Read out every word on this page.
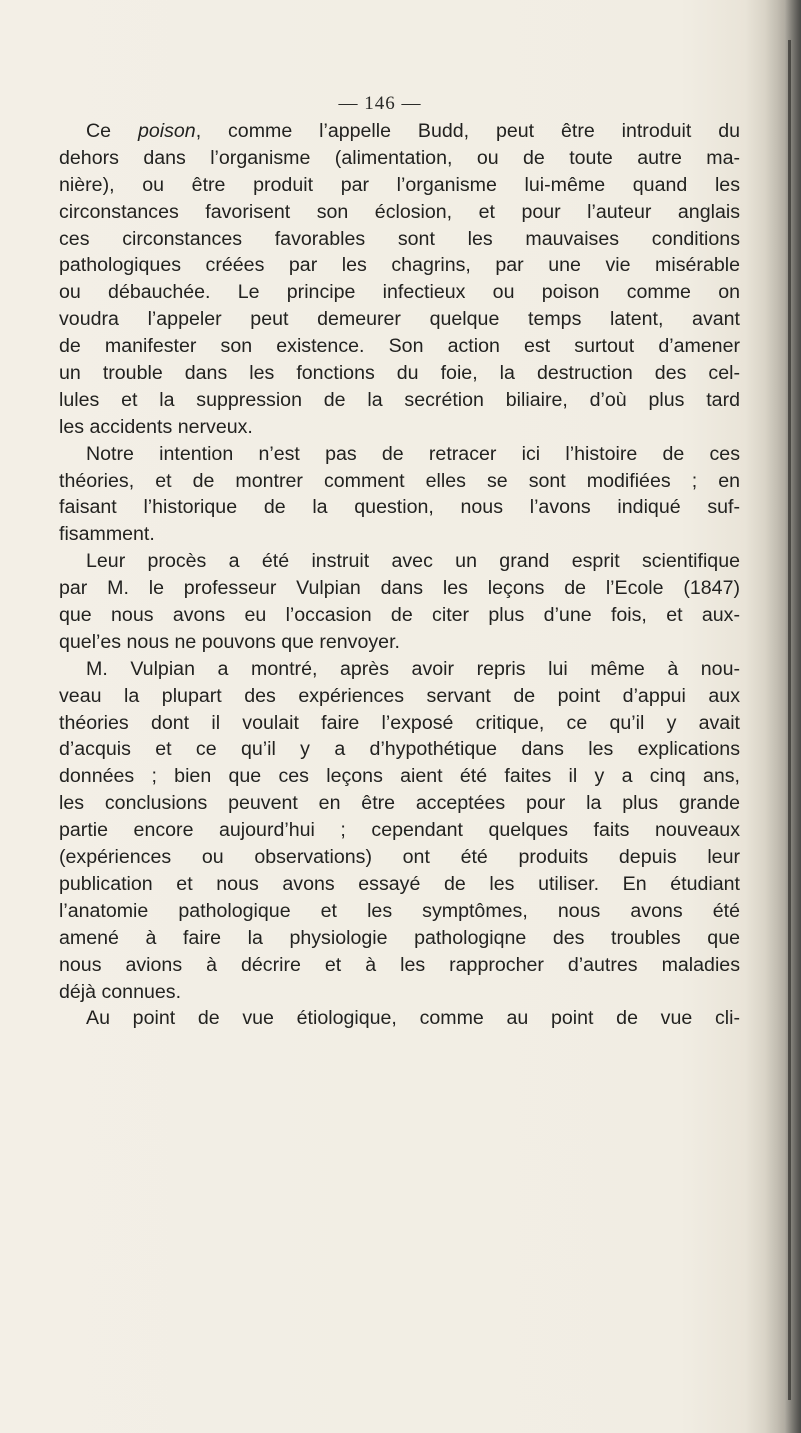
— 146 —
Ce poison, comme l’appelle Budd, peut être introduit du
dehors dans l’organisme (alimentation, ou de toute autre ma-
nière), ou être produit par l’organisme lui-même quand les
circonstances favorisent son éclosion, et pour l’auteur anglais
ces circonstances favorables sont les mauvaises conditions
pathologiques créées par les chagrins, par une vie misérable
ou débauchée. Le principe infectieux ou poison comme on
voudra l’appeler peut demeurer quelque temps latent, avant
de manifester son existence. Son action est surtout d’amener
un trouble dans les fonctions du foie, la destruction des cel-
lules et la suppression de la secrétion biliaire, d’où plus tard
les accidents nerveux.
Notre intention n’est pas de retracer ici l’histoire de ces
théories, et de montrer comment elles se sont modifiées ; en
faisant l’historique de la question, nous l’avons indiqué suf-
fisamment.
Leur procès a été instruit avec un grand esprit scientifique
par M. le professeur Vulpian dans les leçons de l’Ecole (1847)
que nous avons eu l’occasion de citer plus d’une fois, et aux-
quel’es nous ne pouvons que renvoyer.
M. Vulpian a montré, après avoir repris lui même à nou-
veau la plupart des expériences servant de point d’appui aux
théories dont il voulait faire l’exposé critique, ce qu’il y avait
d’acquis et ce qu’il y a d’hypothétique dans les explications
données ; bien que ces leçons aient été faites il y a cinq ans,
les conclusions peuvent en être acceptées pour la plus grande
partie encore aujourd’hui ; cependant quelques faits nouveaux
(expériences ou observations) ont été produits depuis leur
publication et nous avons essayé de les utiliser. En étudiant
l’anatomie pathologique et les symptômes, nous avons été
amené à faire la physiologie pathologiqne des troubles que
nous avions à décrire et à les rapprocher d’autres maladies
déjà connues.
Au point de vue étiologique, comme au point de vue cli-
